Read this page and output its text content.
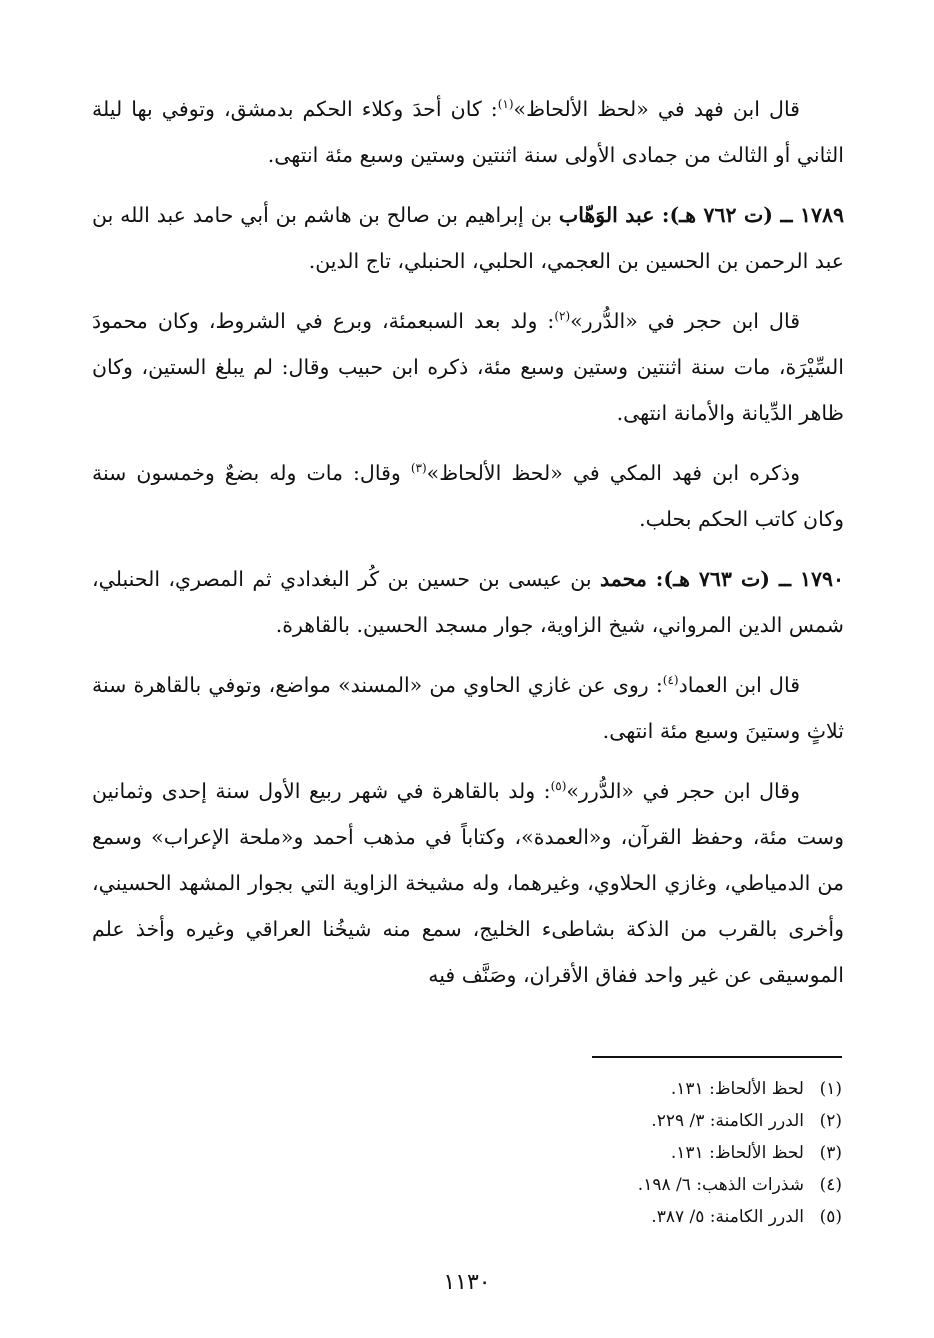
قال ابن فهد في «لحظ الألحاظ»$^{(١)}$: كان أحدَ وكلاء الحكم بدمشق، وتوفي بها ليلة الثاني أو الثالث من جمادى الأولى سنة اثنتين وستين وسبع مئة انتهى.

١٧٨٩ ــ (ت ٧٦٢ هـ): عبد الوَهّاب بن إبراهيم بن صالح بن هاشم بن أبي حامد عبد الله بن عبد الرحمن بن الحسين بن العجمي، الحلبي، الحنبلي، تاج الدين.

قال ابن حجر في «الدُّرر»$^{(٢)}$: ولد بعد السبعمئة، وبرع في الشروط، وكان محمودَ السِّيْرَة، مات سنة اثنتين وستين وسبع مئة، ذكره ابن حبيب وقال: لم يبلغ الستين، وكان ظاهر الدِّيانة والأمانة انتهى.

وذكره ابن فهد المكي في «لحظ الألحاظ»$^{(٣)}$ وقال: مات وله بضعٌ وخمسون سنة وكان كاتب الحكم بحلب.

١٧٩٠ ــ (ت ٧٦٣ هـ): محمد بن عيسى بن حسين بن كُر البغدادي ثم المصري، الحنبلي، شمس الدين المرواني، شيخ الزاوية، جوار مسجد الحسين. بالقاهرة.

قال ابن العماد$^{(٤)}$: روى عن غازي الحاوي من «المسند» مواضع، وتوفي بالقاهرة سنة ثلاثٍ وستينَ وسبع مئة انتهى.

وقال ابن حجر في «الدُّرر»$^{(٥)}$: ولد بالقاهرة في شهر ربيع الأول سنة إحدى وثمانين وست مئة، وحفظ القرآن، و«العمدة»، وكتاباً في مذهب أحمد و«ملحة الإعراب» وسمع من الدمياطي، وغازي الحلاوي، وغيرهما، وله مشيخة الزاوية التي بجوار المشهد الحسيني، وأخرى بالقرب من الذكة بشاطىء الخليج، سمع منه شيخُنا العراقي وغيره وأخذ علم الموسيقى عن غير واحد ففاق الأقران، وصَنَّف فيه

(١)لحظ الألحاظ: ١٣١.
(٢)الدرر الكامنة: ٣/ ٢٢٩.
(٣)لحظ الألحاظ: ١٣١.
(٤)شذرات الذهب: ٦/ ١٩٨.
(٥)الدرر الكامنة: ٥/ ٣٨٧.
١١٣٠
